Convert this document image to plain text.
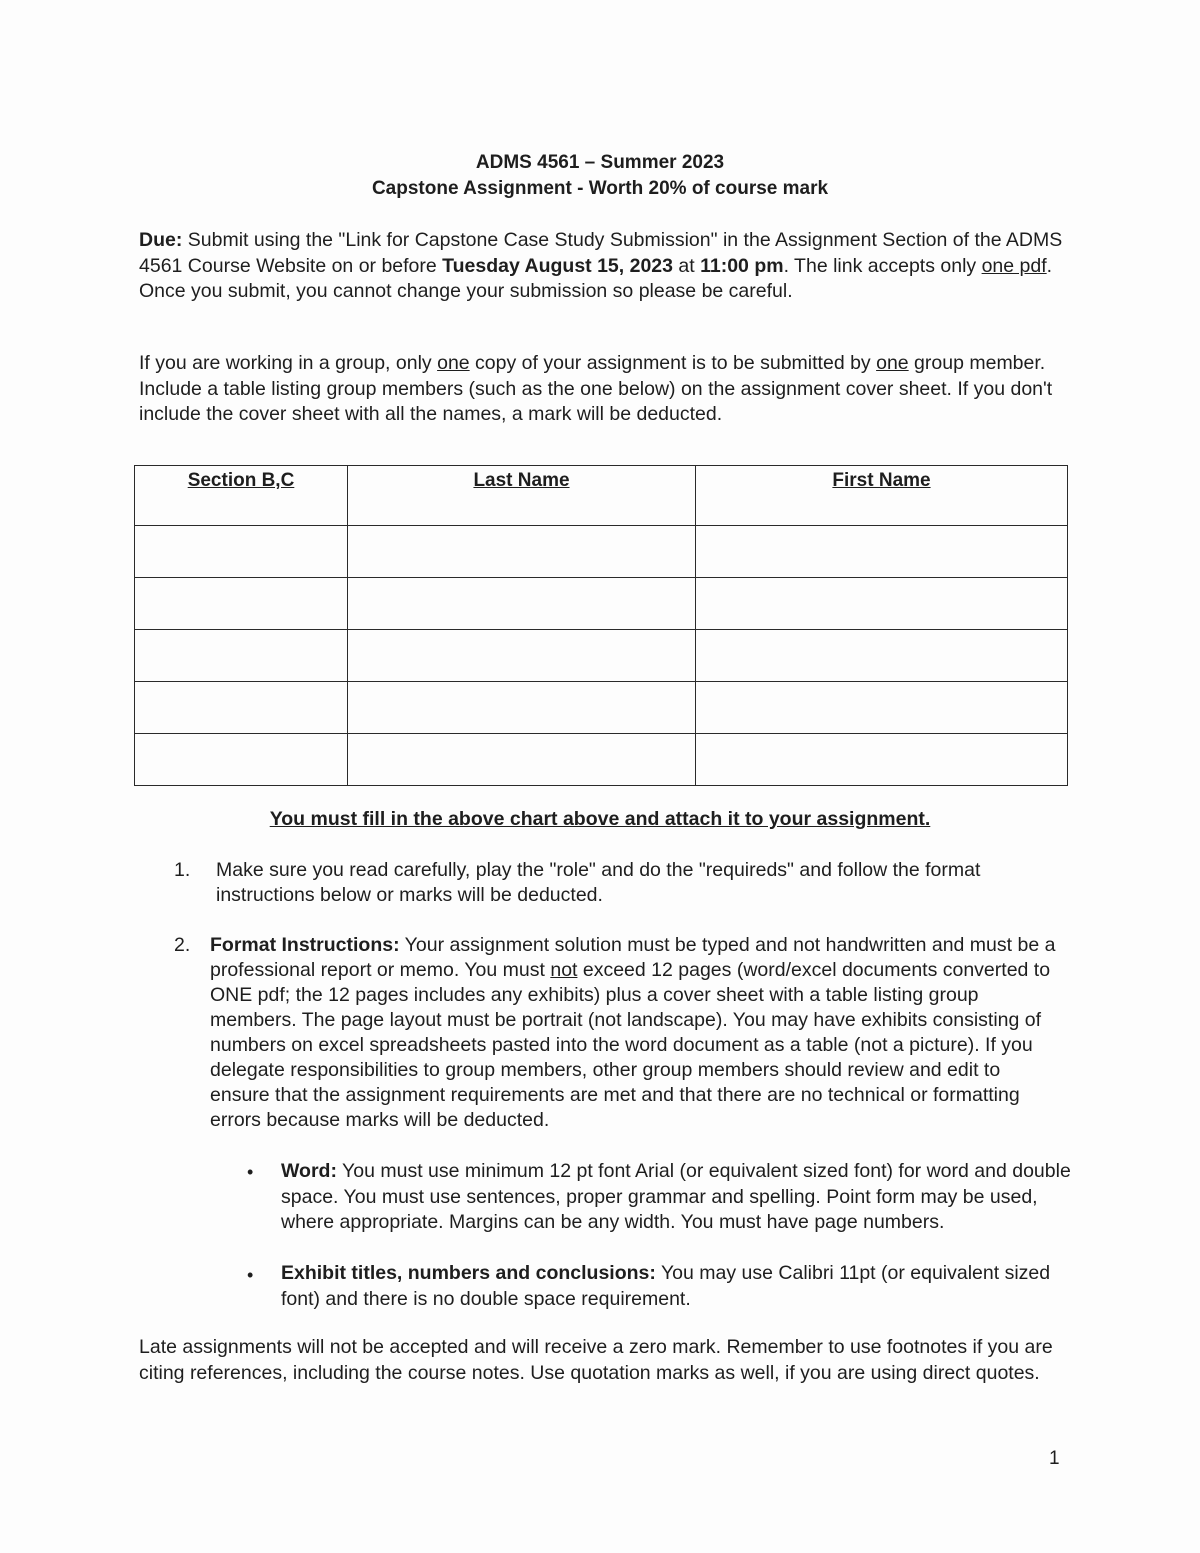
ADMS 4561 – Summer 2023
Capstone Assignment - Worth 20% of course mark
Due: Submit using the "Link for Capstone Case Study Submission" in the Assignment Section of the ADMS 4561 Course Website on or before Tuesday August 15, 2023 at 11:00 pm. The link accepts only one pdf. Once you submit, you cannot change your submission so please be careful.
If you are working in a group, only one copy of your assignment is to be submitted by one group member. Include a table listing group members (such as the one below) on the assignment cover sheet. If you don't include the cover sheet with all the names, a mark will be deducted.
Section B,C	Last Name	First Name

You must fill in the above chart above and attach it to your assignment.
1. Make sure you read carefully, play the "role" and do the "requireds" and follow the format instructions below or marks will be deducted.
2. Format Instructions: Your assignment solution must be typed and not handwritten and must be a professional report or memo. You must not exceed 12 pages (word/excel documents converted to ONE pdf; the 12 pages includes any exhibits) plus a cover sheet with a table listing group members. The page layout must be portrait (not landscape). You may have exhibits consisting of numbers on excel spreadsheets pasted into the word document as a table (not a picture). If you delegate responsibilities to group members, other group members should review and edit to ensure that the assignment requirements are met and that there are no technical or formatting errors because marks will be deducted.
• Word: You must use minimum 12 pt font Arial (or equivalent sized font) for word and double space. You must use sentences, proper grammar and spelling. Point form may be used, where appropriate. Margins can be any width. You must have page numbers.
• Exhibit titles, numbers and conclusions: You may use Calibri 11pt (or equivalent sized font) and there is no double space requirement.
Late assignments will not be accepted and will receive a zero mark. Remember to use footnotes if you are citing references, including the course notes. Use quotation marks as well, if you are using direct quotes.
1
